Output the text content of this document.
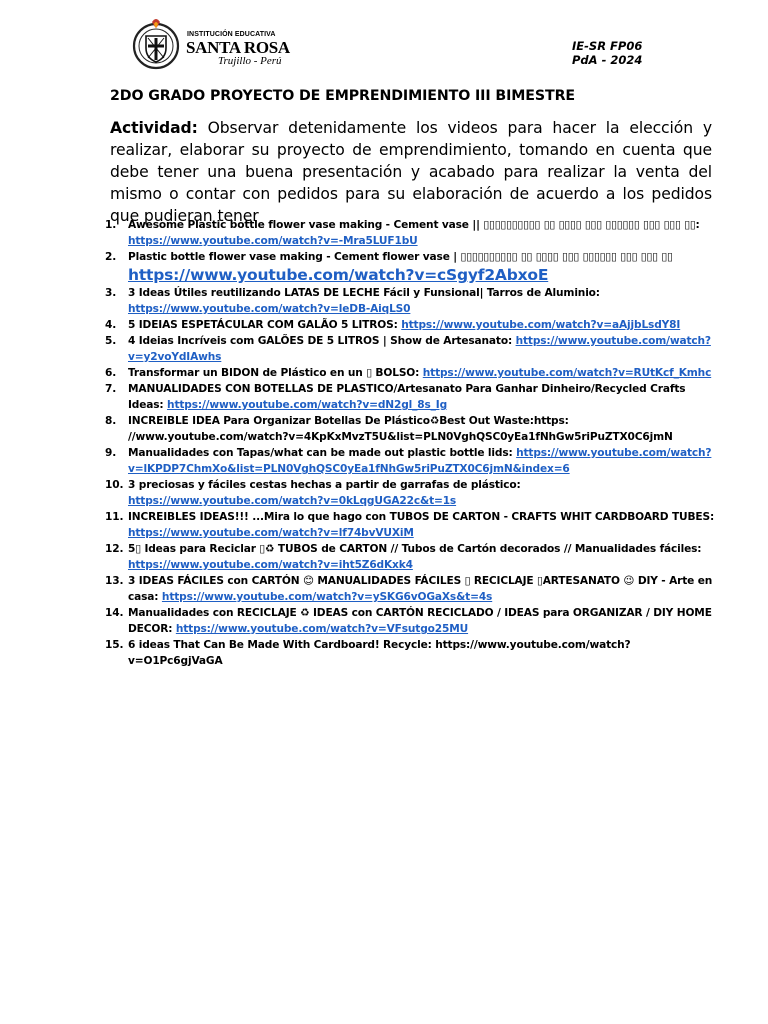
INSTITUCIÓN EDUCATIVA
SANTA ROSA
Trujillo - Perú
IE-SR FP06
PdA - 2024
2DO GRADO PROYECTO DE EMPRENDIMIENTO III BIMESTRE

Actividad: Observar detenidamente los videos para hacer la elección y realizar, elaborar su proyecto de emprendimiento, tomando en cuenta que debe tener una buena presentación y acabado para realizar la venta del mismo o contar con pedidos para su elaboración de acuerdo a los pedidos que pudieran tener

1. Awesome Plastic bottle flower vase making - Cement vase || ▯▯▯▯▯▯▯▯▯▯ ▯▯ ▯▯▯▯ ▯▯▯ ▯▯▯▯▯▯ ▯▯▯ ▯▯▯ ▯▯: https://www.youtube.com/watch?v=-Mra5LUF1bU
2. Plastic bottle flower vase making - Cement flower vase | ▯▯▯▯▯▯▯▯▯▯ ▯▯ ▯▯▯▯ ▯▯▯ ▯▯▯▯▯▯ ▯▯▯ ▯▯▯ ▯▯ https://www.youtube.com/watch?v=cSgyf2AbxoE
3. 3 Ideas Útiles reutilizando LATAS DE LECHE Fácil y Funsional| Tarros de Aluminio: https://www.youtube.com/watch?v=leDB-AiqLS0
4. 5 IDEIAS ESPETÁCULAR COM GALÃO 5 LITROS: https://www.youtube.com/watch?v=aAjjbLsdY8I
5. 4 Ideias Incríveis com GALÕES DE 5 LITROS | Show de Artesanato: https://www.youtube.com/watch?v=y2voYdIAwhs
6. Transformar un BIDON de Plástico en un ▯ BOLSO: https://www.youtube.com/watch?v=RUtKcf_Kmhc
7. MANUALIDADES CON BOTELLAS DE PLASTICO/Artesanato Para Ganhar Dinheiro/Recycled Crafts Ideas: https://www.youtube.com/watch?v=dN2gl_8s_Ig
8. INCREIBLE IDEA Para Organizar Botellas De Plástico♻Best Out Waste:https: //www.youtube.com/watch?v=4KpKxMvzT5U&list=PLN0VghQSC0yEa1fNhGw5riPuZTX0C6jmN
9. Manualidades con Tapas/what can be made out plastic bottle lids: https://www.youtube.com/watch?v=lKPDP7ChmXo&list=PLN0VghQSC0yEa1fNhGw5riPuZTX0C6jmN&index=6
10. 3 preciosas y fáciles cestas hechas a partir de garrafas de plástico: https://www.youtube.com/watch?v=0kLqgUGA22c&t=1s
11. INCREIBLES IDEAS!!! ...Mira lo que hago con TUBOS DE CARTON - CRAFTS WHIT CARDBOARD TUBES: https://www.youtube.com/watch?v=lf74bvVUXiM
12. 5▯ Ideas para Reciclar ▯♻ TUBOS de CARTON // Tubos de Cartón decorados // Manualidades fáciles: https://www.youtube.com/watch?v=iht5Z6dKxk4
13. 3 IDEAS FÁCILES con CARTÓN 😊 MANUALIDADES FÁCILES ▯ RECICLAJE ▯ARTESANATO 😉 DIY - Arte en casa: https://www.youtube.com/watch?v=ySKG6vOGaXs&t=4s
14. Manualidades con RECICLAJE ♻ IDEAS con CARTÓN RECICLADO / IDEAS para ORGANIZAR / DIY HOME DECOR: https://www.youtube.com/watch?v=VFsutgo25MU
15. 6 ideas That Can Be Made With Cardboard! Recycle: https://www.youtube.com/watch?v=O1Pc6gjVaGA
